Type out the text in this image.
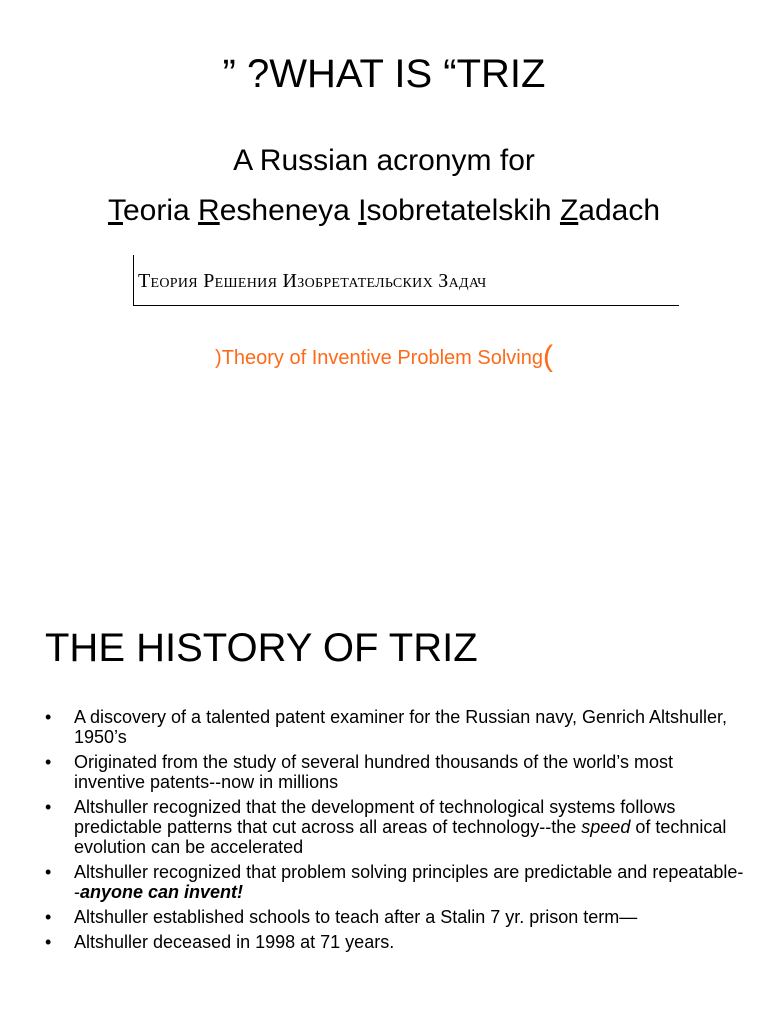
” ?WHAT IS “TRIZ
A Russian acronym for
Teoria Resheneya Isobretatelskih Zadach
Теория Решения Изобретательских Задач
)Theory of Inventive Problem Solving(
THE HISTORY OF TRIZ
• A discovery of a talented patent examiner for the Russian navy, Genrich Altshuller, 1950’s
• Originated from the study of several hundred thousands of the world’s most inventive patents--now in millions
• Altshuller recognized that the development of technological systems follows predictable patterns that cut across all areas of technology--the speed of technical evolution can be accelerated
• Altshuller recognized that problem solving principles are predictable and repeatable--anyone can invent!
• Altshuller established schools to teach after a Stalin 7 yr. prison term—
• Altshuller deceased in 1998 at 71 years.
